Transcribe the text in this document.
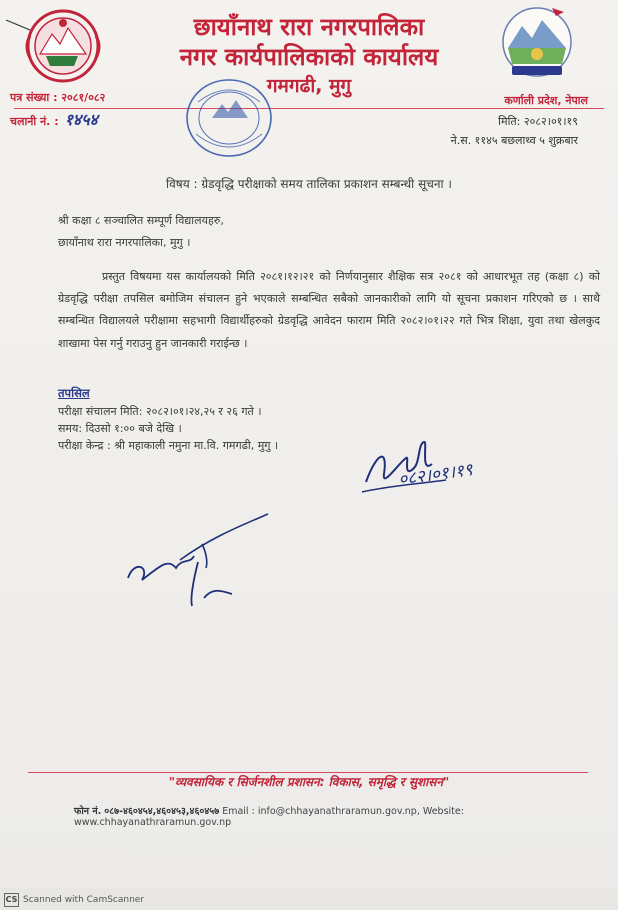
छायाँनाथ रारा नगरपालिका
नगर कार्यपालिकाको कार्यालय
गमगढी, मुगु
पत्र संख्या : २०८१/०८२
चलानी नं. : १४५४
कर्णाली प्रदेश, नेपाल
मिति: २०८२।०१।१९
ने.स. ११४५ बछलाथ्व ५ शुक्रबार
विषय : ग्रेडवृद्धि परीक्षाको समय तालिका प्रकाशन सम्बन्धी सूचना ।
श्री कक्षा ८ सञ्चालित सम्पूर्ण विद्यालयहरु,
छायाँनाथ रारा नगरपालिका, मुगु ।

प्रस्तुत विषयमा यस कार्यालयको मिति २०८१।१२।२१ को निर्णयानुसार शैक्षिक सत्र २०८१ को आधारभूत तह (कक्षा ८) को ग्रेडवृद्धि परीक्षा तपसिल बमोजिम संचालन हुने भएकाले सम्बन्धित सबैको जानकारीको लागि यो सूचना प्रकाशन गरिएको छ । साथै सम्बन्धित विद्यालयले परीक्षामा सहभागी विद्यार्थीहरुको ग्रेडवृद्धि आवेदन फाराम मिति २०८२।०१।२२ गते भित्र शिक्षा, युवा तथा खेलकुद शाखामा पेस गर्नु गराउनु हुन जानकारी गराईन्छ ।

तपसिल
परीक्षा संचालन मिति: २०८२।०१।२४,२५ र २६ गते ।
समय: दिउसो १:०० बजे देखि ।
परीक्षा केन्द्र : श्री महाकाली नमुना मा.वि. गमगढी, मुगु ।
०८२।०१।१९
"व्यवसायिक र सिर्जनशील प्रशासन: विकास, समृद्धि र सुशासन"
फोन नं. ०८७-४६०४५४,४६०४५३,४६०४५७ Email : info@chhayanathraramun.gov.np, Website: www.chhayanathraramun.gov.np
CS Scanned with CamScanner
